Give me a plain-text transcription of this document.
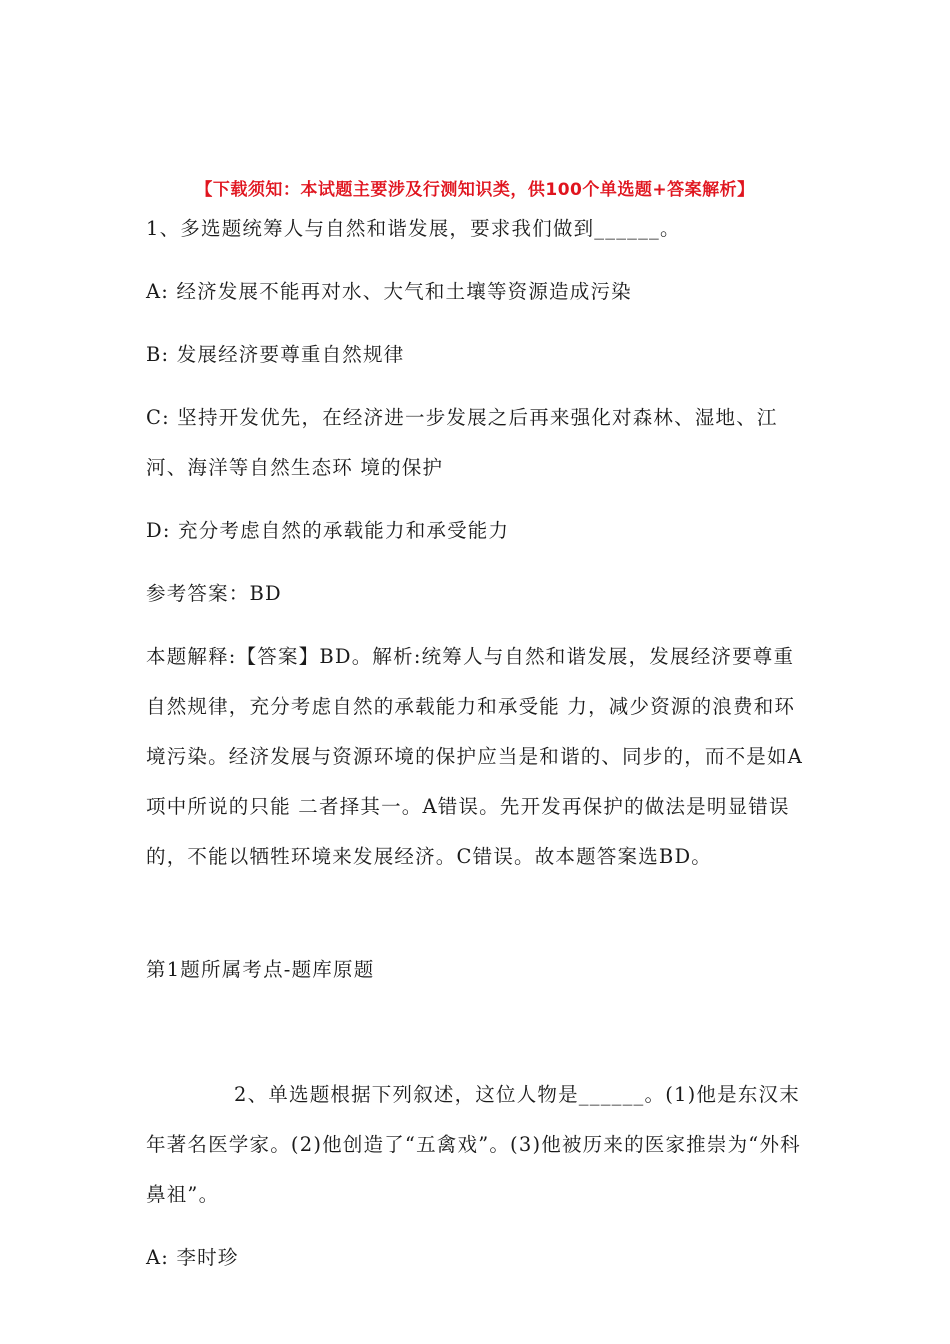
【下载须知：本试题主要涉及行测知识类，供100个单选题+答案解析】
1、多选题统筹人与自然和谐发展，要求我们做到______。
A: 经济发展不能再对水、大气和土壤等资源造成污染
B: 发展经济要尊重自然规律
C: 坚持开发优先，在经济进一步发展之后再来强化对森林、湿地、江河、海洋等自然生态环 境的保护
D: 充分考虑自然的承载能力和承受能力
参考答案：BD
本题解释:【答案】BD。解析:统筹人与自然和谐发展，发展经济要尊重自然规律，充分考虑自然的承载能力和承受能 力，减少资源的浪费和环境污染。经济发展与资源环境的保护应当是和谐的、同步的，而不是如A项中所说的只能 二者择其一。A错误。先开发再保护的做法是明显错误的，不能以牺牲环境来发展经济。C错误。故本题答案选BD。
第1题所属考点-题库原题
2、单选题根据下列叙述，这位人物是______。(1)他是东汉末年著名医学家。(2)他创造了“五禽戏”。(3)他被历来的医家推崇为“外科鼻祖”。
A: 李时珍
